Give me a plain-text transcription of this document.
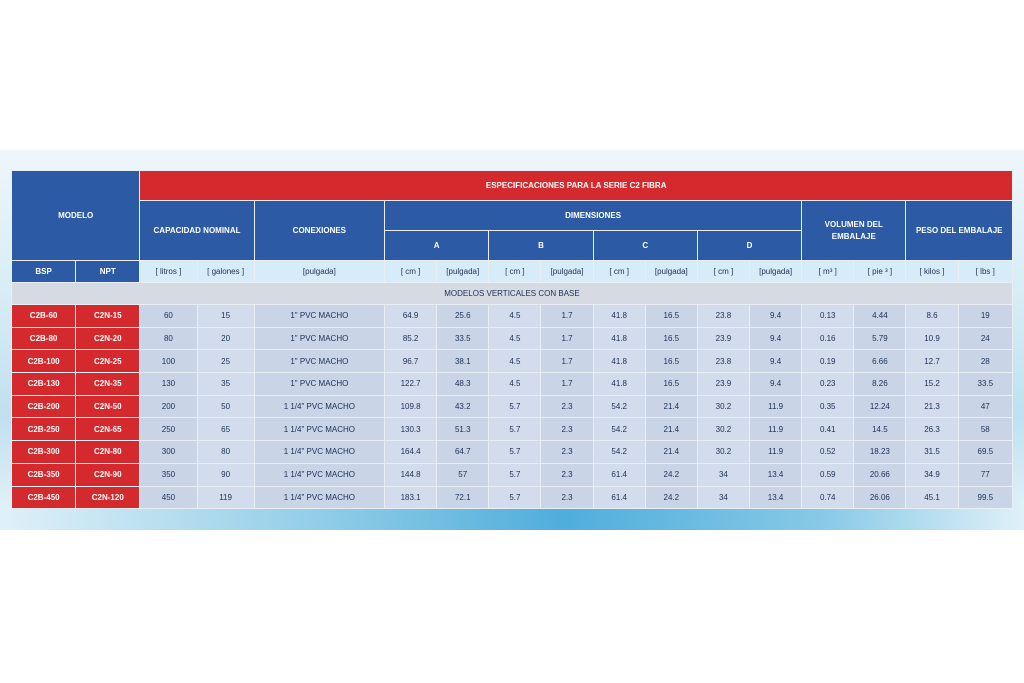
MODELO		ESPECIFICACIONES PARA LA SERIE C2 FIBRA														
		CAPACIDAD NOMINAL		CONEXIONES	DIMENSIONES								VOLUMEN DEL EMBALAJE		PESO DEL EMBALAJE	
					A		B		C		D					
BSP	NPT	[ litros ]	[ galones ]	[pulgada]	[ cm ]	[pulgada]	[ cm ]	[pulgada]	[ cm ]	[pulgada]	[ cm ]	[pulgada]	[ m³ ]	[ pie ³ ]	[ kilos ]	[ lbs ]
MODELOS VERTICALES CON BASE																
C2B-60	C2N-15	60	15	1" PVC MACHO	64.9	25.6	4.5	1.7	41.8	16.5	23.8	9.4	0.13	4.44	8.6	19
C2B-80	C2N-20	80	20	1" PVC MACHO	85.2	33.5	4.5	1.7	41.8	16.5	23.9	9.4	0.16	5.79	10.9	24
C2B-100	C2N-25	100	25	1" PVC MACHO	96.7	38.1	4.5	1.7	41.8	16.5	23.8	9.4	0.19	6.66	12.7	28
C2B-130	C2N-35	130	35	1" PVC MACHO	122.7	48.3	4.5	1.7	41.8	16.5	23.9	9.4	0.23	8.26	15.2	33.5
C2B-200	C2N-50	200	50	1 1/4" PVC MACHO	109.8	43.2	5.7	2.3	54.2	21.4	30.2	11.9	0.35	12.24	21.3	47
C2B-250	C2N-65	250	65	1 1/4" PVC MACHO	130.3	51.3	5.7	2.3	54.2	21.4	30.2	11.9	0.41	14.5	26.3	58
C2B-300	C2N-80	300	80	1 1/4" PVC MACHO	164.4	64.7	5.7	2.3	54.2	21.4	30.2	11.9	0.52	18.23	31.5	69.5
C2B-350	C2N-90	350	90	1 1/4" PVC MACHO	144.8	57	5.7	2.3	61.4	24.2	34	13.4	0.59	20.66	34.9	77
C2B-450	C2N-120	450	119	1 1/4" PVC MACHO	183.1	72.1	5.7	2.3	61.4	24.2	34	13.4	0.74	26.06	45.1	99.5
